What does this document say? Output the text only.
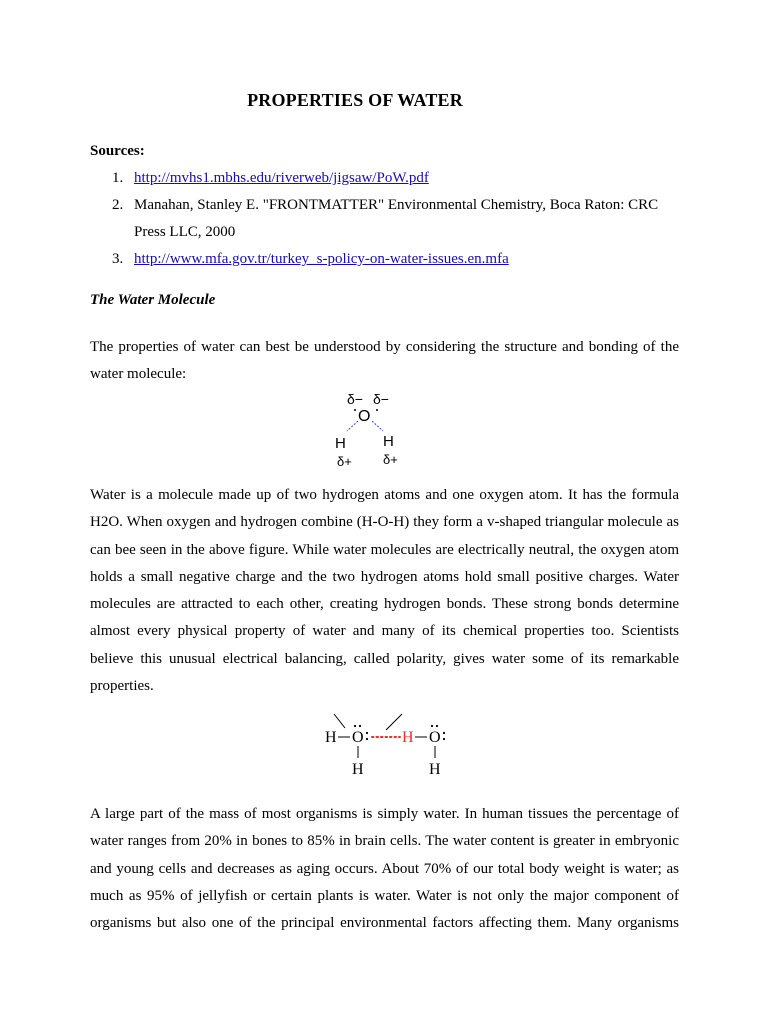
PROPERTIES OF WATER
Sources:
1. http://mvhs1.mbhs.edu/riverweb/jigsaw/PoW.pdf
2. Manahan, Stanley E. "FRONTMATTER" Environmental Chemistry, Boca Raton: CRC
Press LLC, 2000
3. http://www.mfa.gov.tr/turkey_s-policy-on-water-issues.en.mfa
The Water Molecule
The properties of water can best be understood by considering the structure and bonding of the
water molecule:
δ− δ−
O
H H
δ+ δ+
Water is a molecule made up of two hydrogen atoms and one oxygen atom. It has the formula
H2O. When oxygen and hydrogen combine (H-O-H) they form a v-shaped triangular molecule as
can bee seen in the above figure. While water molecules are electrically neutral, the oxygen atom
holds a small negative charge and the two hydrogen atoms hold small positive charges. Water
molecules are attracted to each other, creating hydrogen bonds. These strong bonds determine
almost every physical property of water and many of its chemical properties too. Scientists
believe this unusual electrical balancing, called polarity, gives water some of its remarkable
properties.
H O H O
H	H
A large part of the mass of most organisms is simply water. In human tissues the percentage of
water ranges from 20% in bones to 85% in brain cells. The water content is greater in embryonic
and young cells and decreases as aging occurs. About 70% of our total body weight is water; as
much as 95% of jellyfish or certain plants is water. Water is not only the major component of
organisms but also one of the principal environmental factors affecting them. Many organisms
